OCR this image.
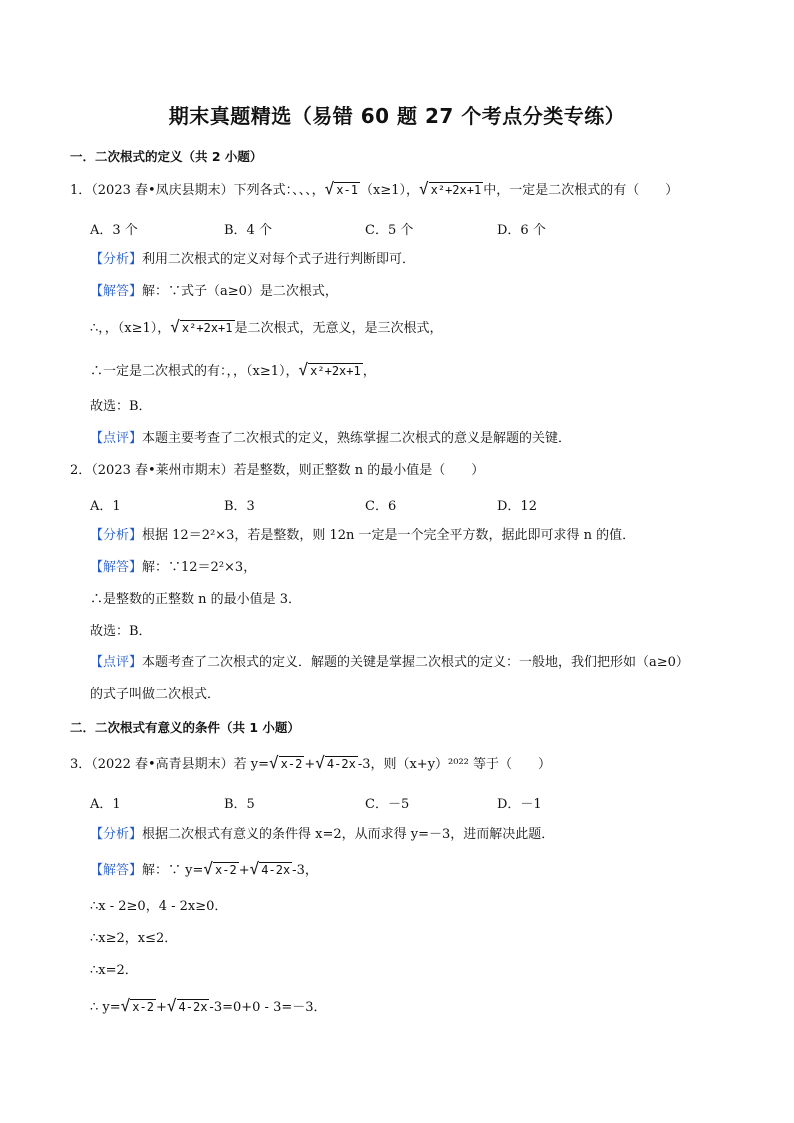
期末真题精选（易错 60 题 27 个考点分类专练）
一．二次根式的定义（共 2 小题）
1．（2023 春•凤庆县期末）下列各式：、、、，√ x-1 （x≥1），√ x²+2x+1 中，一定是二次根式的有（　　）
A．3 个	B．4 个	C．5 个	D．6 个
【分析】利用二次根式的定义对每个式子进行判断即可．
【解答】解：∵式子（a≥0）是二次根式，
∴，，（x≥1），√ x²+2x+1 是二次根式，无意义，是三次根式，
∴一定是二次根式的有：，，（x≥1），√ x²+2x+1 ，
故选：B．
【点评】本题主要考查了二次根式的定义，熟练掌握二次根式的意义是解题的关键．
2．（2023 春•莱州市期末）若是整数，则正整数 n 的最小值是（　　）
A．1	B．3	C．6	D．12
【分析】根据 12＝2²×3，若是整数，则 12n 一定是一个完全平方数，据此即可求得 n 的值．
【解答】解：∵12＝2²×3，
∴是整数的正整数 n 的最小值是 3．
故选：B．
【点评】本题考查了二次根式的定义．解题的关键是掌握二次根式的定义：一般地，我们把形如（a≥0）
的式子叫做二次根式．
二．二次根式有意义的条件（共 1 小题）
3．（2022 春•高青县期末）若 y=√ x-2 +√ 4-2x -3，则（x+y）²⁰²² 等于（　　）
A．1	B．5	C．－5	D．－1
【分析】根据二次根式有意义的条件得 x=2，从而求得 y=－3，进而解决此题．
【解答】解：∵ y=√ x-2 +√ 4-2x -3，
∴x - 2≥0，4 - 2x≥0．
∴x≥2，x≤2．
∴x=2．
∴ y=√ x-2 +√ 4-2x -3=0+0 - 3=－3．
